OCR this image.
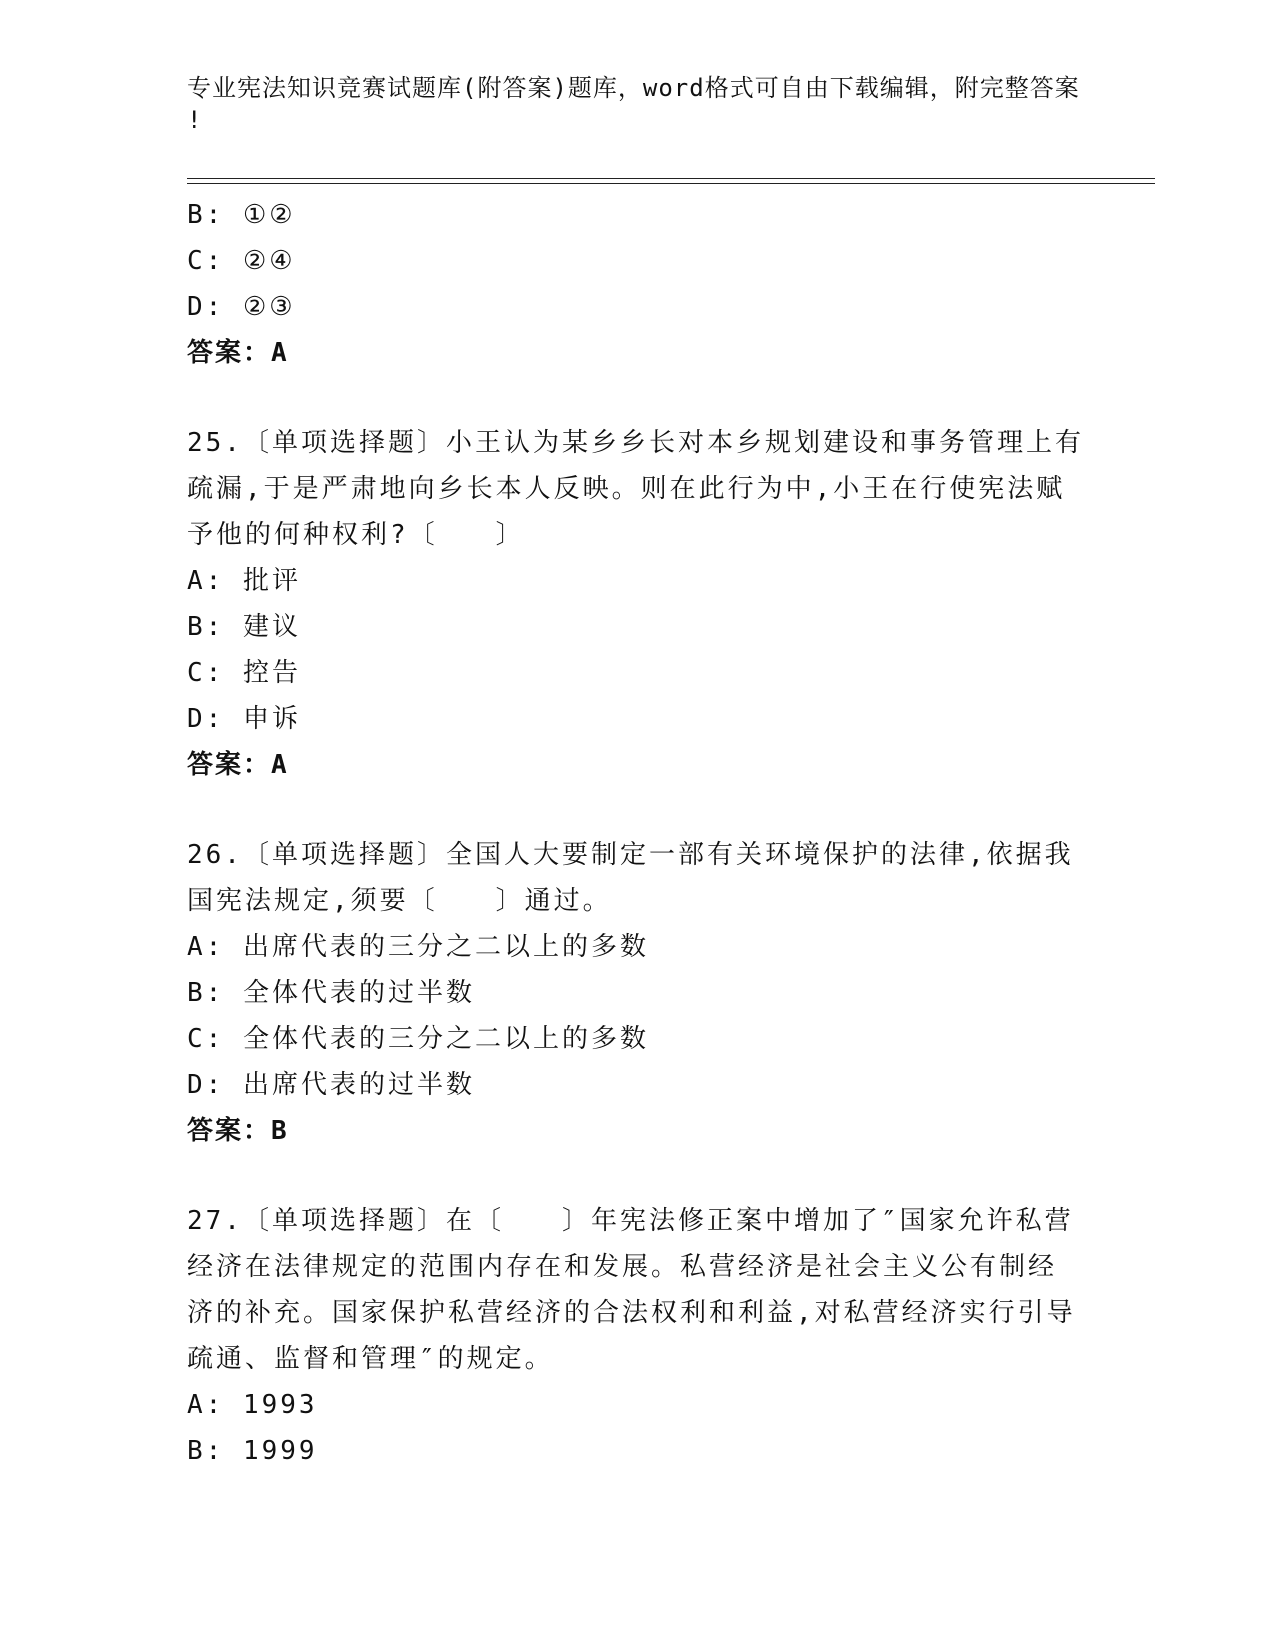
专业宪法知识竞赛试题库(附答案)题库，word格式可自由下载编辑，附完整答案
!
B: ①②
C: ②④
D: ②③
答案：A
25.〔单项选择题〕小王认为某乡乡长对本乡规划建设和事务管理上有
疏漏,于是严肃地向乡长本人反映。则在此行为中,小王在行使宪法赋
予他的何种权利?〔　　〕
A: 批评
B: 建议
C: 控告
D: 申诉
答案：A
26.〔单项选择题〕全国人大要制定一部有关环境保护的法律,依据我
国宪法规定,须要〔　　〕通过。
A: 出席代表的三分之二以上的多数
B: 全体代表的过半数
C: 全体代表的三分之二以上的多数
D: 出席代表的过半数
答案：B
27.〔单项选择题〕在〔　　〕年宪法修正案中增加了″国家允许私营
经济在法律规定的范围内存在和发展。私营经济是社会主义公有制经
济的补充。国家保护私营经济的合法权利和利益,对私营经济实行引导
疏通、监督和管理″的规定。
A: 1993
B: 1999
